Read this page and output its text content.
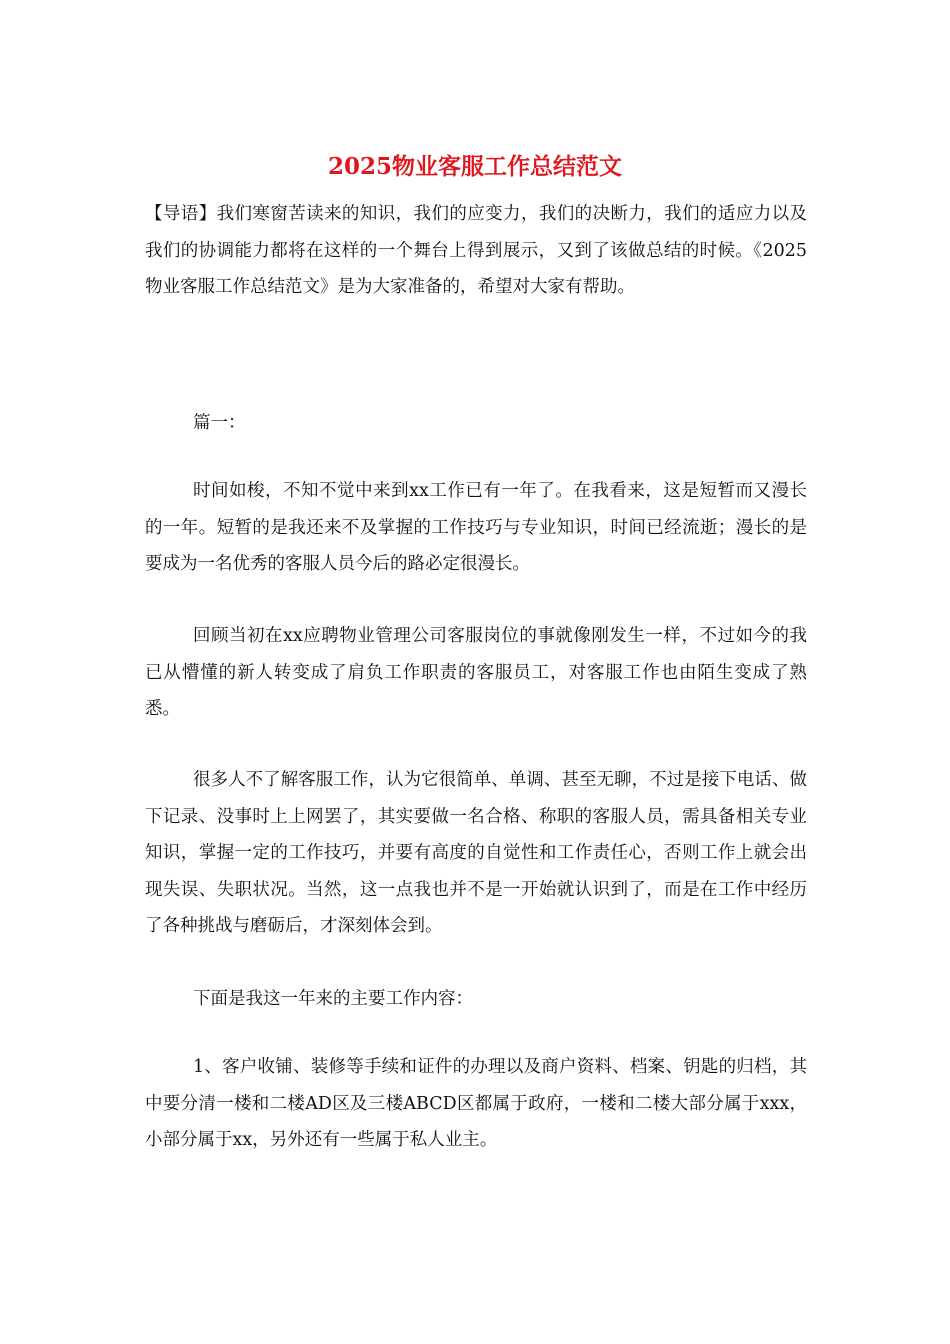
2025物业客服工作总结范文

【导语】我们寒窗苦读来的知识，我们的应变力，我们的决断力，我们的适应力以及我们的协调能力都将在这样的一个舞台上得到展示，又到了该做总结的时候。《2025物业客服工作总结范文》是为大家准备的，希望对大家有帮助。

篇一：

时间如梭，不知不觉中来到xx工作已有一年了。在我看来，这是短暂而又漫长的一年。短暂的是我还来不及掌握的工作技巧与专业知识，时间已经流逝；漫长的是要成为一名优秀的客服人员今后的路必定很漫长。

回顾当初在xx应聘物业管理公司客服岗位的事就像刚发生一样，不过如今的我已从懵懂的新人转变成了肩负工作职责的客服员工，对客服工作也由陌生变成了熟悉。

很多人不了解客服工作，认为它很简单、单调、甚至无聊，不过是接下电话、做下记录、没事时上上网罢了，其实要做一名合格、称职的客服人员，需具备相关专业知识，掌握一定的工作技巧，并要有高度的自觉性和工作责任心，否则工作上就会出现失误、失职状况。当然，这一点我也并不是一开始就认识到了，而是在工作中经历了各种挑战与磨砺后，才深刻体会到。

下面是我这一年来的主要工作内容：

1、客户收铺、装修等手续和证件的办理以及商户资料、档案、钥匙的归档，其中要分清一楼和二楼AD区及三楼ABCD区都属于政府，一楼和二楼大部分属于xxx，小部分属于xx，另外还有一些属于私人业主。
